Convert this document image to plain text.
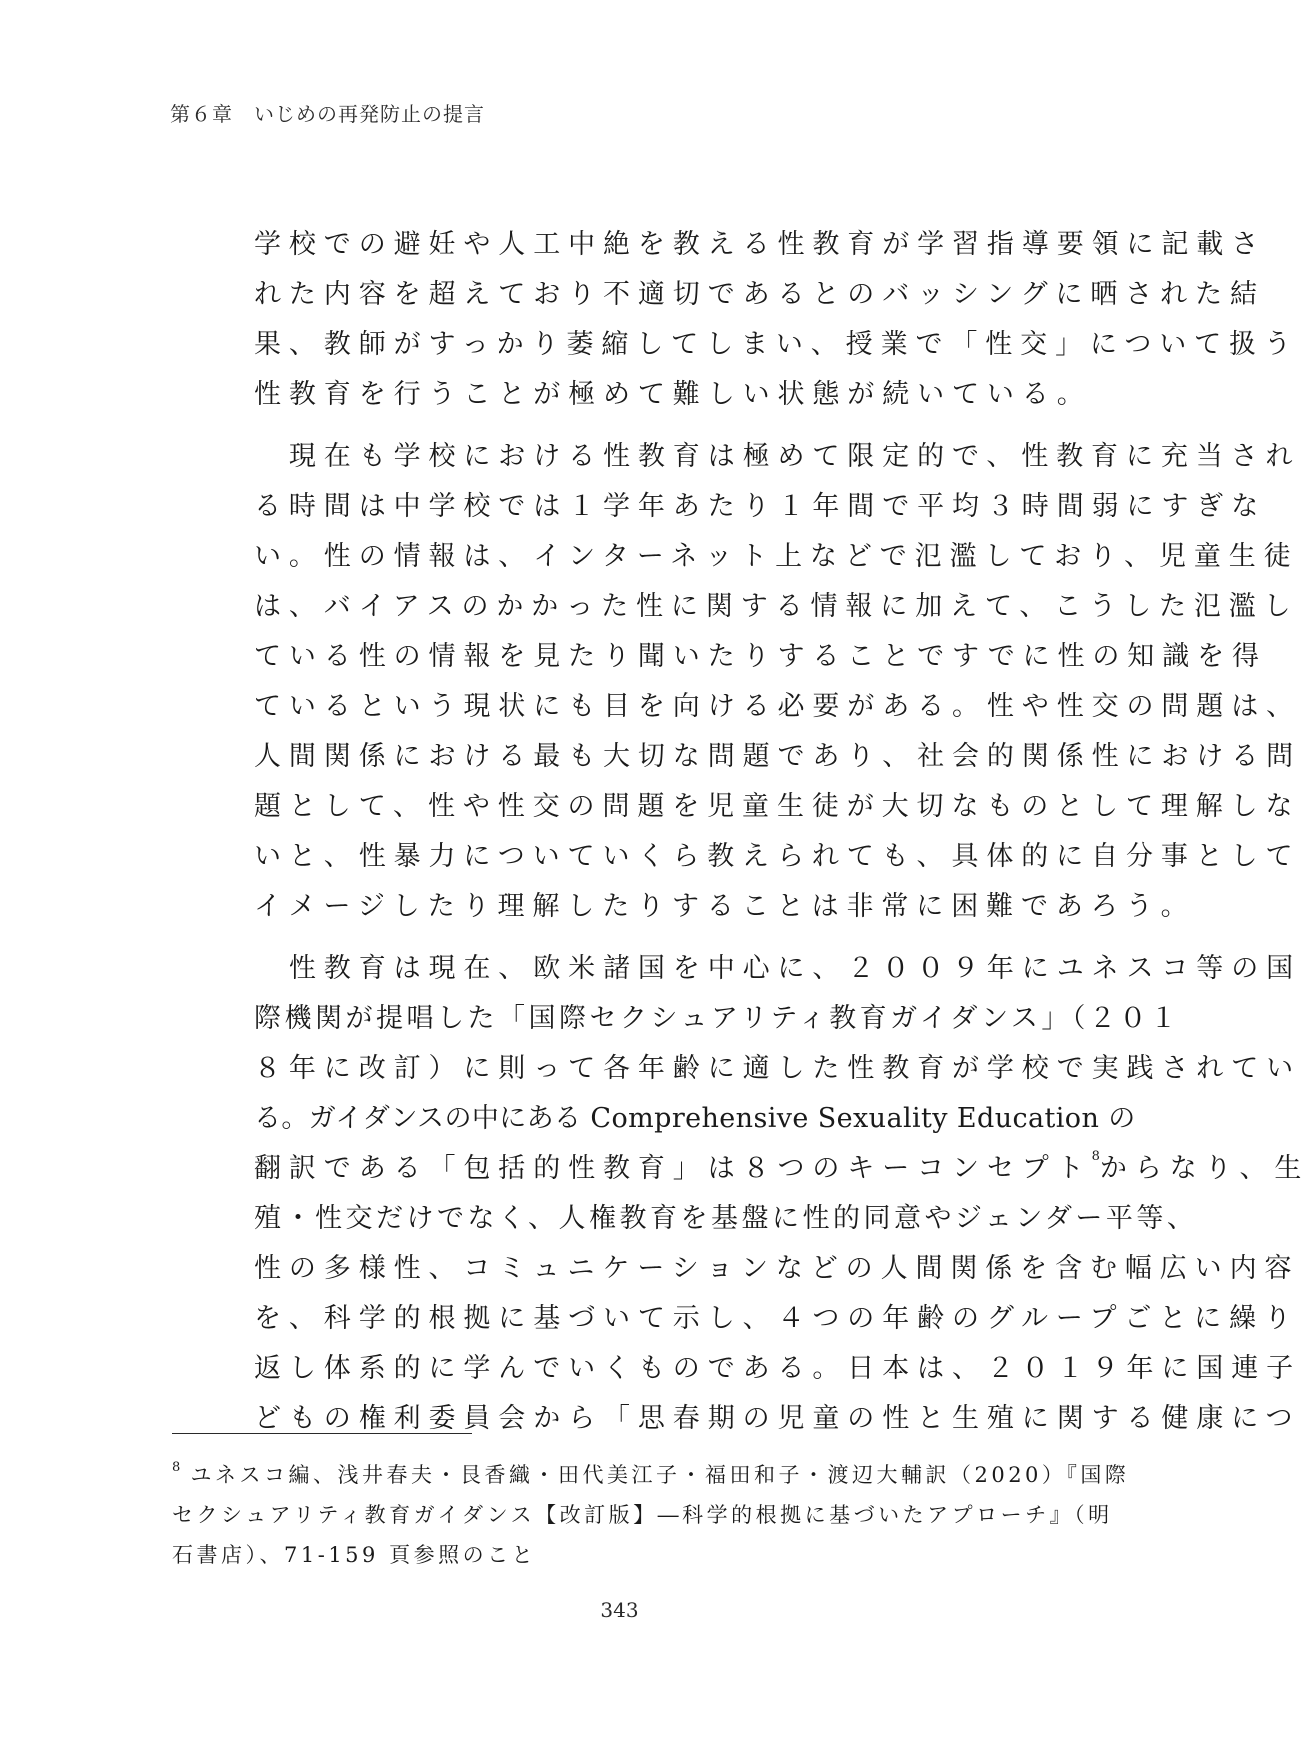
第６章　いじめの再発防止の提言

学校での避妊や人工中絶を教える性教育が学習指導要領に記載さ
れた内容を超えており不適切であるとのバッシングに晒された結
果、教師がすっかり萎縮してしまい、授業で「性交」について扱う
性教育を行うことが極めて難しい状態が続いている。

　現在も学校における性教育は極めて限定的で、性教育に充当され
る時間は中学校では１学年あたり１年間で平均３時間弱にすぎな
い。性の情報は、インターネット上などで氾濫しており、児童生徒
は、バイアスのかかった性に関する情報に加えて、こうした氾濫し
ている性の情報を見たり聞いたりすることですでに性の知識を得
ているという現状にも目を向ける必要がある。性や性交の問題は、
人間関係における最も大切な問題であり、社会的関係性における問
題として、性や性交の問題を児童生徒が大切なものとして理解しな
いと、性暴力についていくら教えられても、具体的に自分事として
イメージしたり理解したりすることは非常に困難であろう。

　性教育は現在、欧米諸国を中心に、２００９年にユネスコ等の国
際機関が提唱した「国際セクシュアリティ教育ガイダンス」（２０１
８年に改訂）に則って各年齢に適した性教育が学校で実践されてい
る。ガイダンスの中にある Comprehensive Sexuality Education の
翻訳である「包括的性教育」は８つのキーコンセプト$^8$からなり、生
殖・性交だけでなく、人権教育を基盤に性的同意やジェンダー平等、
性の多様性、コミュニケーションなどの人間関係を含む幅広い内容
を、科学的根拠に基づいて示し、４つの年齢のグループごとに繰り
返し体系的に学んでいくものである。日本は、２０１９年に国連子
どもの権利委員会から「思春期の児童の性と生殖に関する健康につ

$^8$ ユネスコ編、浅井春夫・艮香織・田代美江子・福田和子・渡辺大輔訳（2020）『国際
セクシュアリティ教育ガイダンス【改訂版】―科学的根拠に基づいたアプローチ』（明
石書店）、71-159 頁参照のこと
343
